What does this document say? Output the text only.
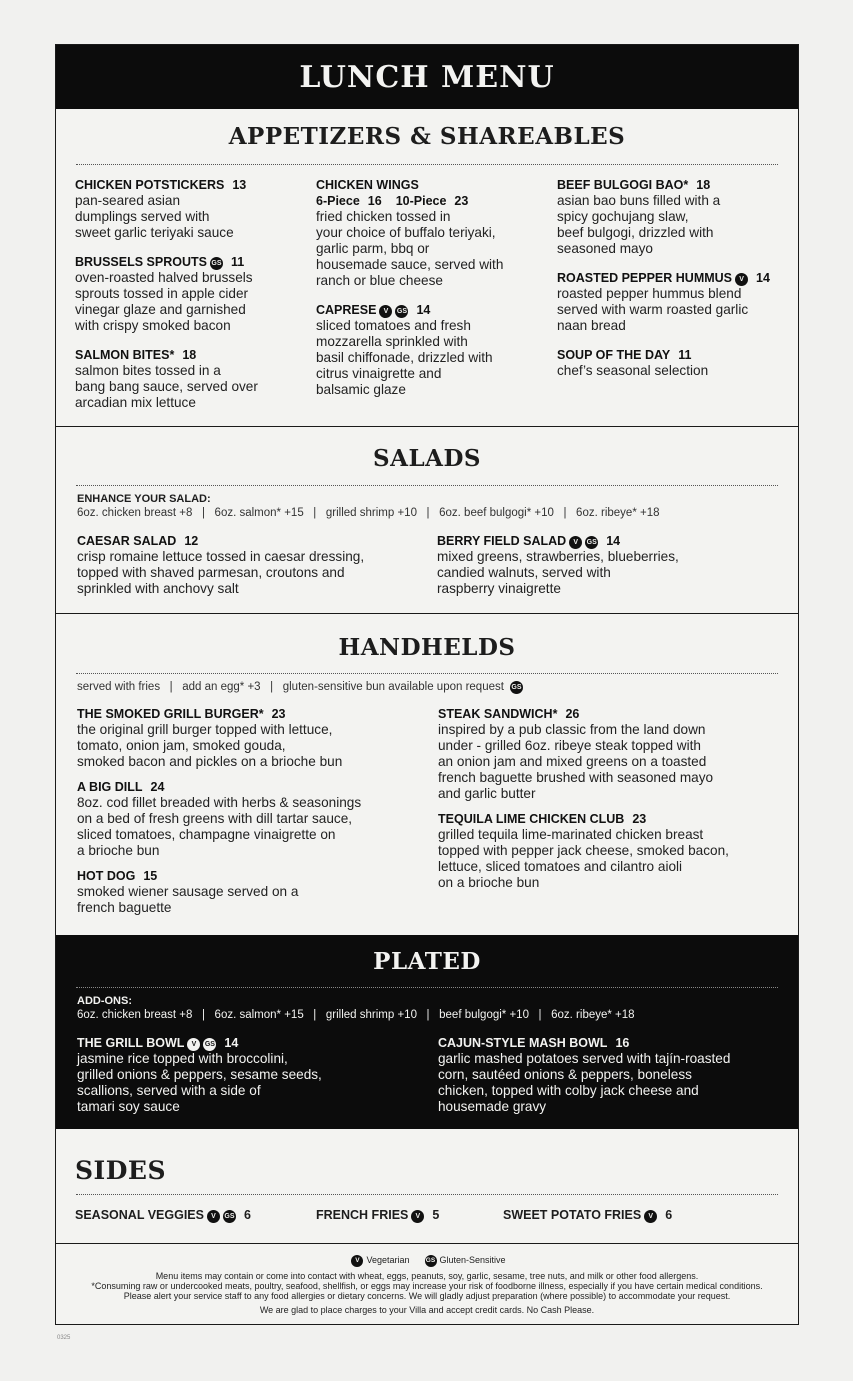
LUNCH MENU
APPETIZERS & SHAREABLES
CHICKEN POTSTICKERS 13
pan-seared asian
dumplings served with
sweet garlic teriyaki sauce
BRUSSELS SPROUTS GS 11
oven-roasted halved brussels
sprouts tossed in apple cider
vinegar glaze and garnished
with crispy smoked bacon
SALMON BITES* 18
salmon bites tossed in a
bang bang sauce, served over
arcadian mix lettuce
CHICKEN WINGS
6-Piece 16 10-Piece 23
fried chicken tossed in
your choice of buffalo teriyaki,
garlic parm, bbq or
housemade sauce, served with
ranch or blue cheese
CAPRESE V GS 14
sliced tomatoes and fresh
mozzarella sprinkled with
basil chiffonade, drizzled with
citrus vinaigrette and
balsamic glaze
BEEF BULGOGI BAO* 18
asian bao buns filled with a
spicy gochujang slaw,
beef bulgogi, drizzled with
seasoned mayo
ROASTED PEPPER HUMMUS V 14
roasted pepper hummus blend
served with warm roasted garlic
naan bread
SOUP OF THE DAY 11
chef’s seasonal selection
SALADS
ENHANCE YOUR SALAD:
6oz. chicken breast +8   |   6oz. salmon* +15   |   grilled shrimp +10   |   6oz. beef bulgogi* +10   |   6oz. ribeye* +18
CAESAR SALAD 12
crisp romaine lettuce tossed in caesar dressing,
topped with shaved parmesan, croutons and
sprinkled with anchovy salt
BERRY FIELD SALAD V GS 14
mixed greens, strawberries, blueberries,
candied walnuts, served with
raspberry vinaigrette
HANDHELDS
served with fries   |   add an egg* +3   |   gluten-sensitive bun available upon request GS
THE SMOKED GRILL BURGER* 23
the original grill burger topped with lettuce,
tomato, onion jam, smoked gouda,
smoked bacon and pickles on a brioche bun
A BIG DILL 24
8oz. cod fillet breaded with herbs & seasonings
on a bed of fresh greens with dill tartar sauce,
sliced tomatoes, champagne vinaigrette on
a brioche bun
HOT DOG 15
smoked wiener sausage served on a
french baguette
STEAK SANDWICH* 26
inspired by a pub classic from the land down
under - grilled 6oz. ribeye steak topped with
an onion jam and mixed greens on a toasted
french baguette brushed with seasoned mayo
and garlic butter
TEQUILA LIME CHICKEN CLUB 23
grilled tequila lime-marinated chicken breast
topped with pepper jack cheese, smoked bacon,
lettuce, sliced tomatoes and cilantro aioli
on a brioche bun
PLATED
ADD-ONS:
6oz. chicken breast +8   |   6oz. salmon* +15   |   grilled shrimp +10   |   beef bulgogi* +10   |   6oz. ribeye* +18
THE GRILL BOWL V GS 14
jasmine rice topped with broccolini,
grilled onions & peppers, sesame seeds,
scallions, served with a side of
tamari soy sauce
CAJUN-STYLE MASH BOWL 16
garlic mashed potatoes served with tajín-roasted
corn, sautéed onions & peppers, boneless
chicken, topped with colby jack cheese and
housemade gravy
SIDES
SEASONAL VEGGIES V GS 6	FRENCH FRIES V 5	SWEET POTATO FRIES V 6
V Vegetarian	GS Gluten-Sensitive
Menu items may contain or come into contact with wheat, eggs, peanuts, soy, garlic, sesame, tree nuts, and milk or other food allergens.
*Consuming raw or undercooked meats, poultry, seafood, shellfish, or eggs may increase your risk of foodborne illness, especially if you have certain medical conditions.
Please alert your service staff to any food allergies or dietary concerns. We will gladly adjust preparation (where possible) to accommodate your request.
We are glad to place charges to your Villa and accept credit cards. No Cash Please.
0325
